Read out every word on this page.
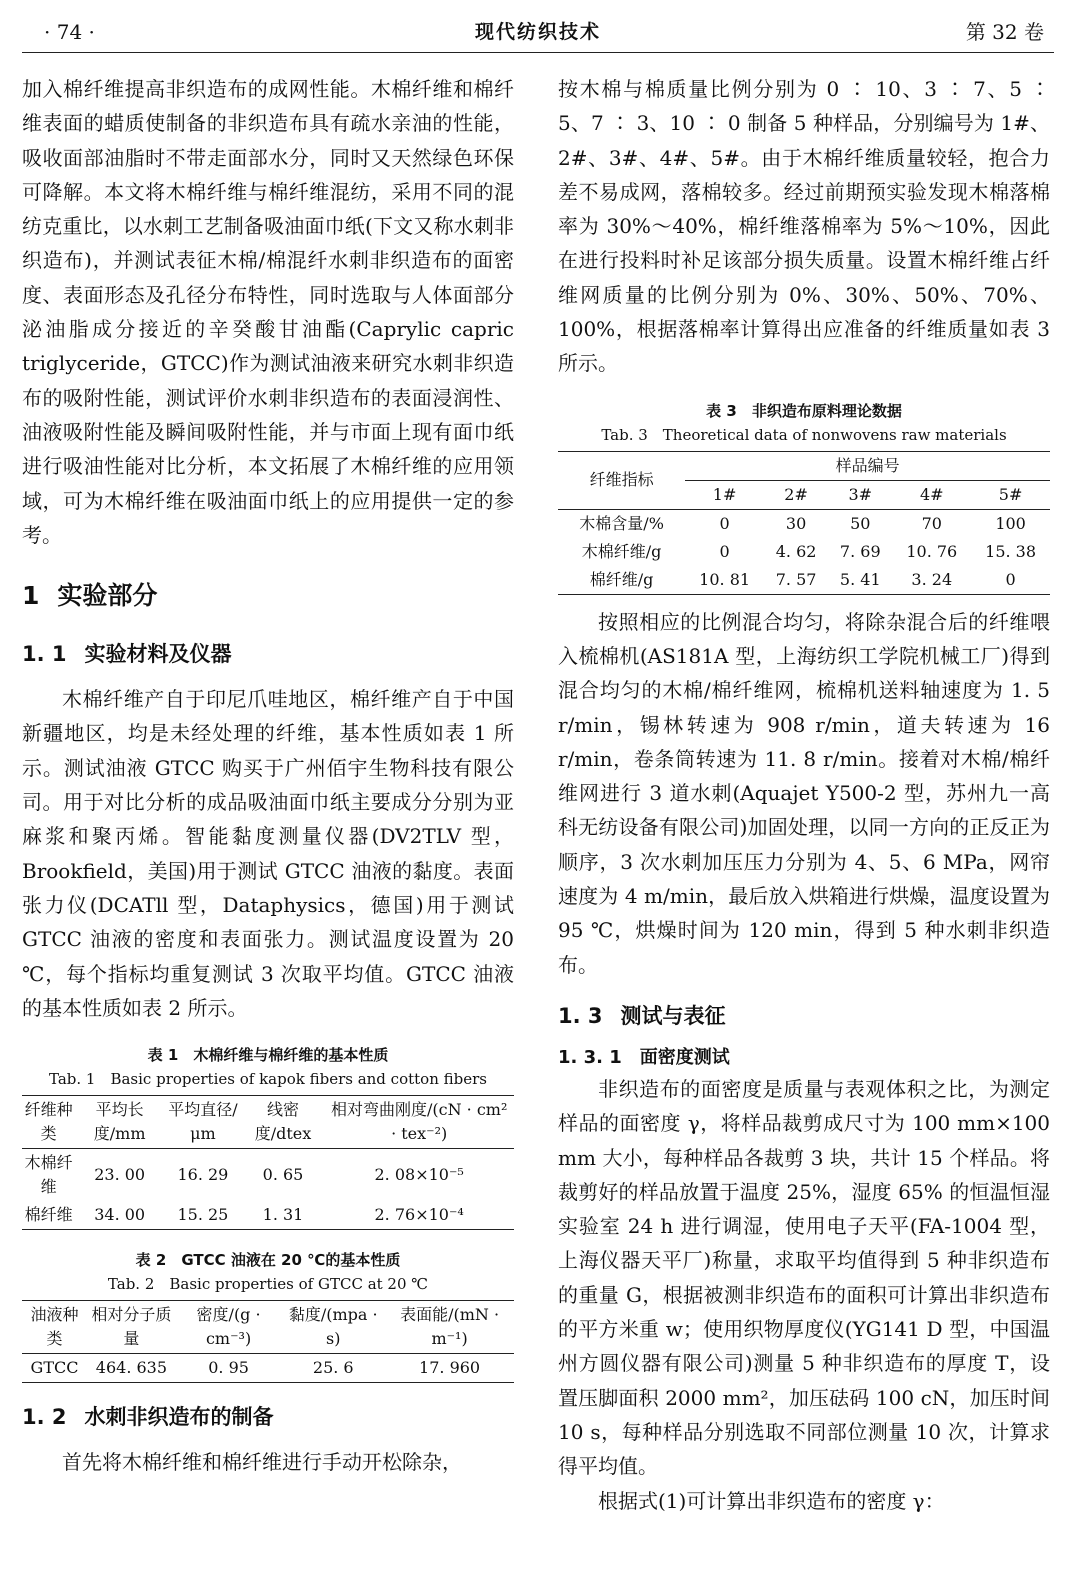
· 74 ·	现代纺织技术	第 32 卷

加入棉纤维提高非织造布的成网性能。木棉纤维和棉纤维表面的蜡质使制备的非织造布具有疏水亲油的性能，吸收面部油脂时不带走面部水分，同时又天然绿色环保可降解。本文将木棉纤维与棉纤维混纺，采用不同的混纺克重比，以水刺工艺制备吸油面巾纸(下文又称水刺非织造布)，并测试表征木棉/棉混纤水刺非织造布的面密度、表面形态及孔径分布特性，同时选取与人体面部分泌油脂成分接近的辛癸酸甘油酯(Caprylic capric triglyceride，GTCC)作为测试油液来研究水刺非织造布的吸附性能，测试评价水刺非织造布的表面浸润性、油液吸附性能及瞬间吸附性能，并与市面上现有面巾纸进行吸油性能对比分析，本文拓展了木棉纤维的应用领域，可为木棉纤维在吸油面巾纸上的应用提供一定的参考。

1 实验部分
1. 1 实验材料及仪器

木棉纤维产自于印尼爪哇地区，棉纤维产自于中国新疆地区，均是未经处理的纤维，基本性质如表 1 所示。测试油液 GTCC 购买于广州佰宇生物科技有限公司。用于对比分析的成品吸油面巾纸主要成分分别为亚麻浆和聚丙烯。智能黏度测量仪器(DV2TLV 型，Brookfield，美国)用于测试 GTCC 油液的黏度。表面张力仪(DCATll 型，Dataphysics，德国)用于测试 GTCC 油液的密度和表面张力。测试温度设置为 20 ℃，每个指标均重复测试 3 次取平均值。GTCC 油液的基本性质如表 2 所示。

表 1　木棉纤维与棉纤维的基本性质
Tab. 1　Basic properties of kapok fibers and cotton fibers
纤维种类	平均长度/mm	平均直径/μm	线密度/dtex	相对弯曲刚度/(cN · cm² · tex⁻²)
木棉纤维	23. 00	16. 29	0. 65	2. 08×10⁻⁵
棉纤维	34. 00	15. 25	1. 31	2. 76×10⁻⁴
表 2　GTCC 油液在 20 ℃的基本性质
Tab. 2　Basic properties of GTCC at 20 ℃
油液种类	相对分子质量	密度/(g · cm⁻³)	黏度/(mpa · s)	表面能/(mN · m⁻¹)
GTCC	464. 635	0. 95	25. 6	17. 960
1. 2 水刺非织造布的制备

首先将木棉纤维和棉纤维进行手动开松除杂，

按木棉与棉质量比例分别为 0 ∶ 10、3 ∶ 7、5 ∶ 5、7 ∶ 3、10 ∶ 0 制备 5 种样品，分别编号为 1#、2#、3#、4#、5#。由于木棉纤维质量较轻，抱合力差不易成网，落棉较多。经过前期预实验发现木棉落棉率为 30%～40%，棉纤维落棉率为 5%～10%，因此在进行投料时补足该部分损失质量。设置木棉纤维占纤维网质量的比例分别为 0%、30%、50%、70%、100%，根据落棉率计算得出应准备的纤维质量如表 3 所示。

表 3　非织造布原料理论数据
Tab. 3　Theoretical data of nonwovens raw materials
纤维指标	样品编号				
	1#	2#	3#	4#	5#
木棉含量/%	0	30	50	70	100
木棉纤维/g	0	4. 62	7. 69	10. 76	15. 38
棉纤维/g	10. 81	7. 57	5. 41	3. 24	0

按照相应的比例混合均匀，将除杂混合后的纤维喂入梳棉机(AS181A 型，上海纺织工学院机械工厂)得到混合均匀的木棉/棉纤维网，梳棉机送料轴速度为 1. 5 r/min，锡林转速为 908 r/min，道夫转速为 16 r/min，卷条筒转速为 11. 8 r/min。接着对木棉/棉纤维网进行 3 道水刺(Aquajet Y500-2 型，苏州九一高科无纺设备有限公司)加固处理，以同一方向的正反正为顺序，3 次水刺加压压力分别为 4、5、6 MPa，网帘速度为 4 m/min，最后放入烘箱进行烘燥，温度设置为 95 ℃，烘燥时间为 120 min，得到 5 种水刺非织造布。

1. 3 测试与表征
1. 3. 1 面密度测试

非织造布的面密度是质量与表观体积之比，为测定样品的面密度 γ，将样品裁剪成尺寸为 100 mm×100 mm 大小，每种样品各裁剪 3 块，共计 15 个样品。将裁剪好的样品放置于温度 25%，湿度 65% 的恒温恒湿实验室 24 h 进行调湿，使用电子天平(FA-1004 型，上海仪器天平厂)称量，求取平均值得到 5 种非织造布的重量 G，根据被测非织造布的面积可计算出非织造布的平方米重 w；使用织物厚度仪(YG141 D 型，中国温州方圆仪器有限公司)测量 5 种非织造布的厚度 T，设置压脚面积 2000 mm²，加压砝码 100 cN，加压时间 10 s，每种样品分别选取不同部位测量 10 次，计算求得平均值。

根据式(1)可计算出非织造布的密度 γ：
